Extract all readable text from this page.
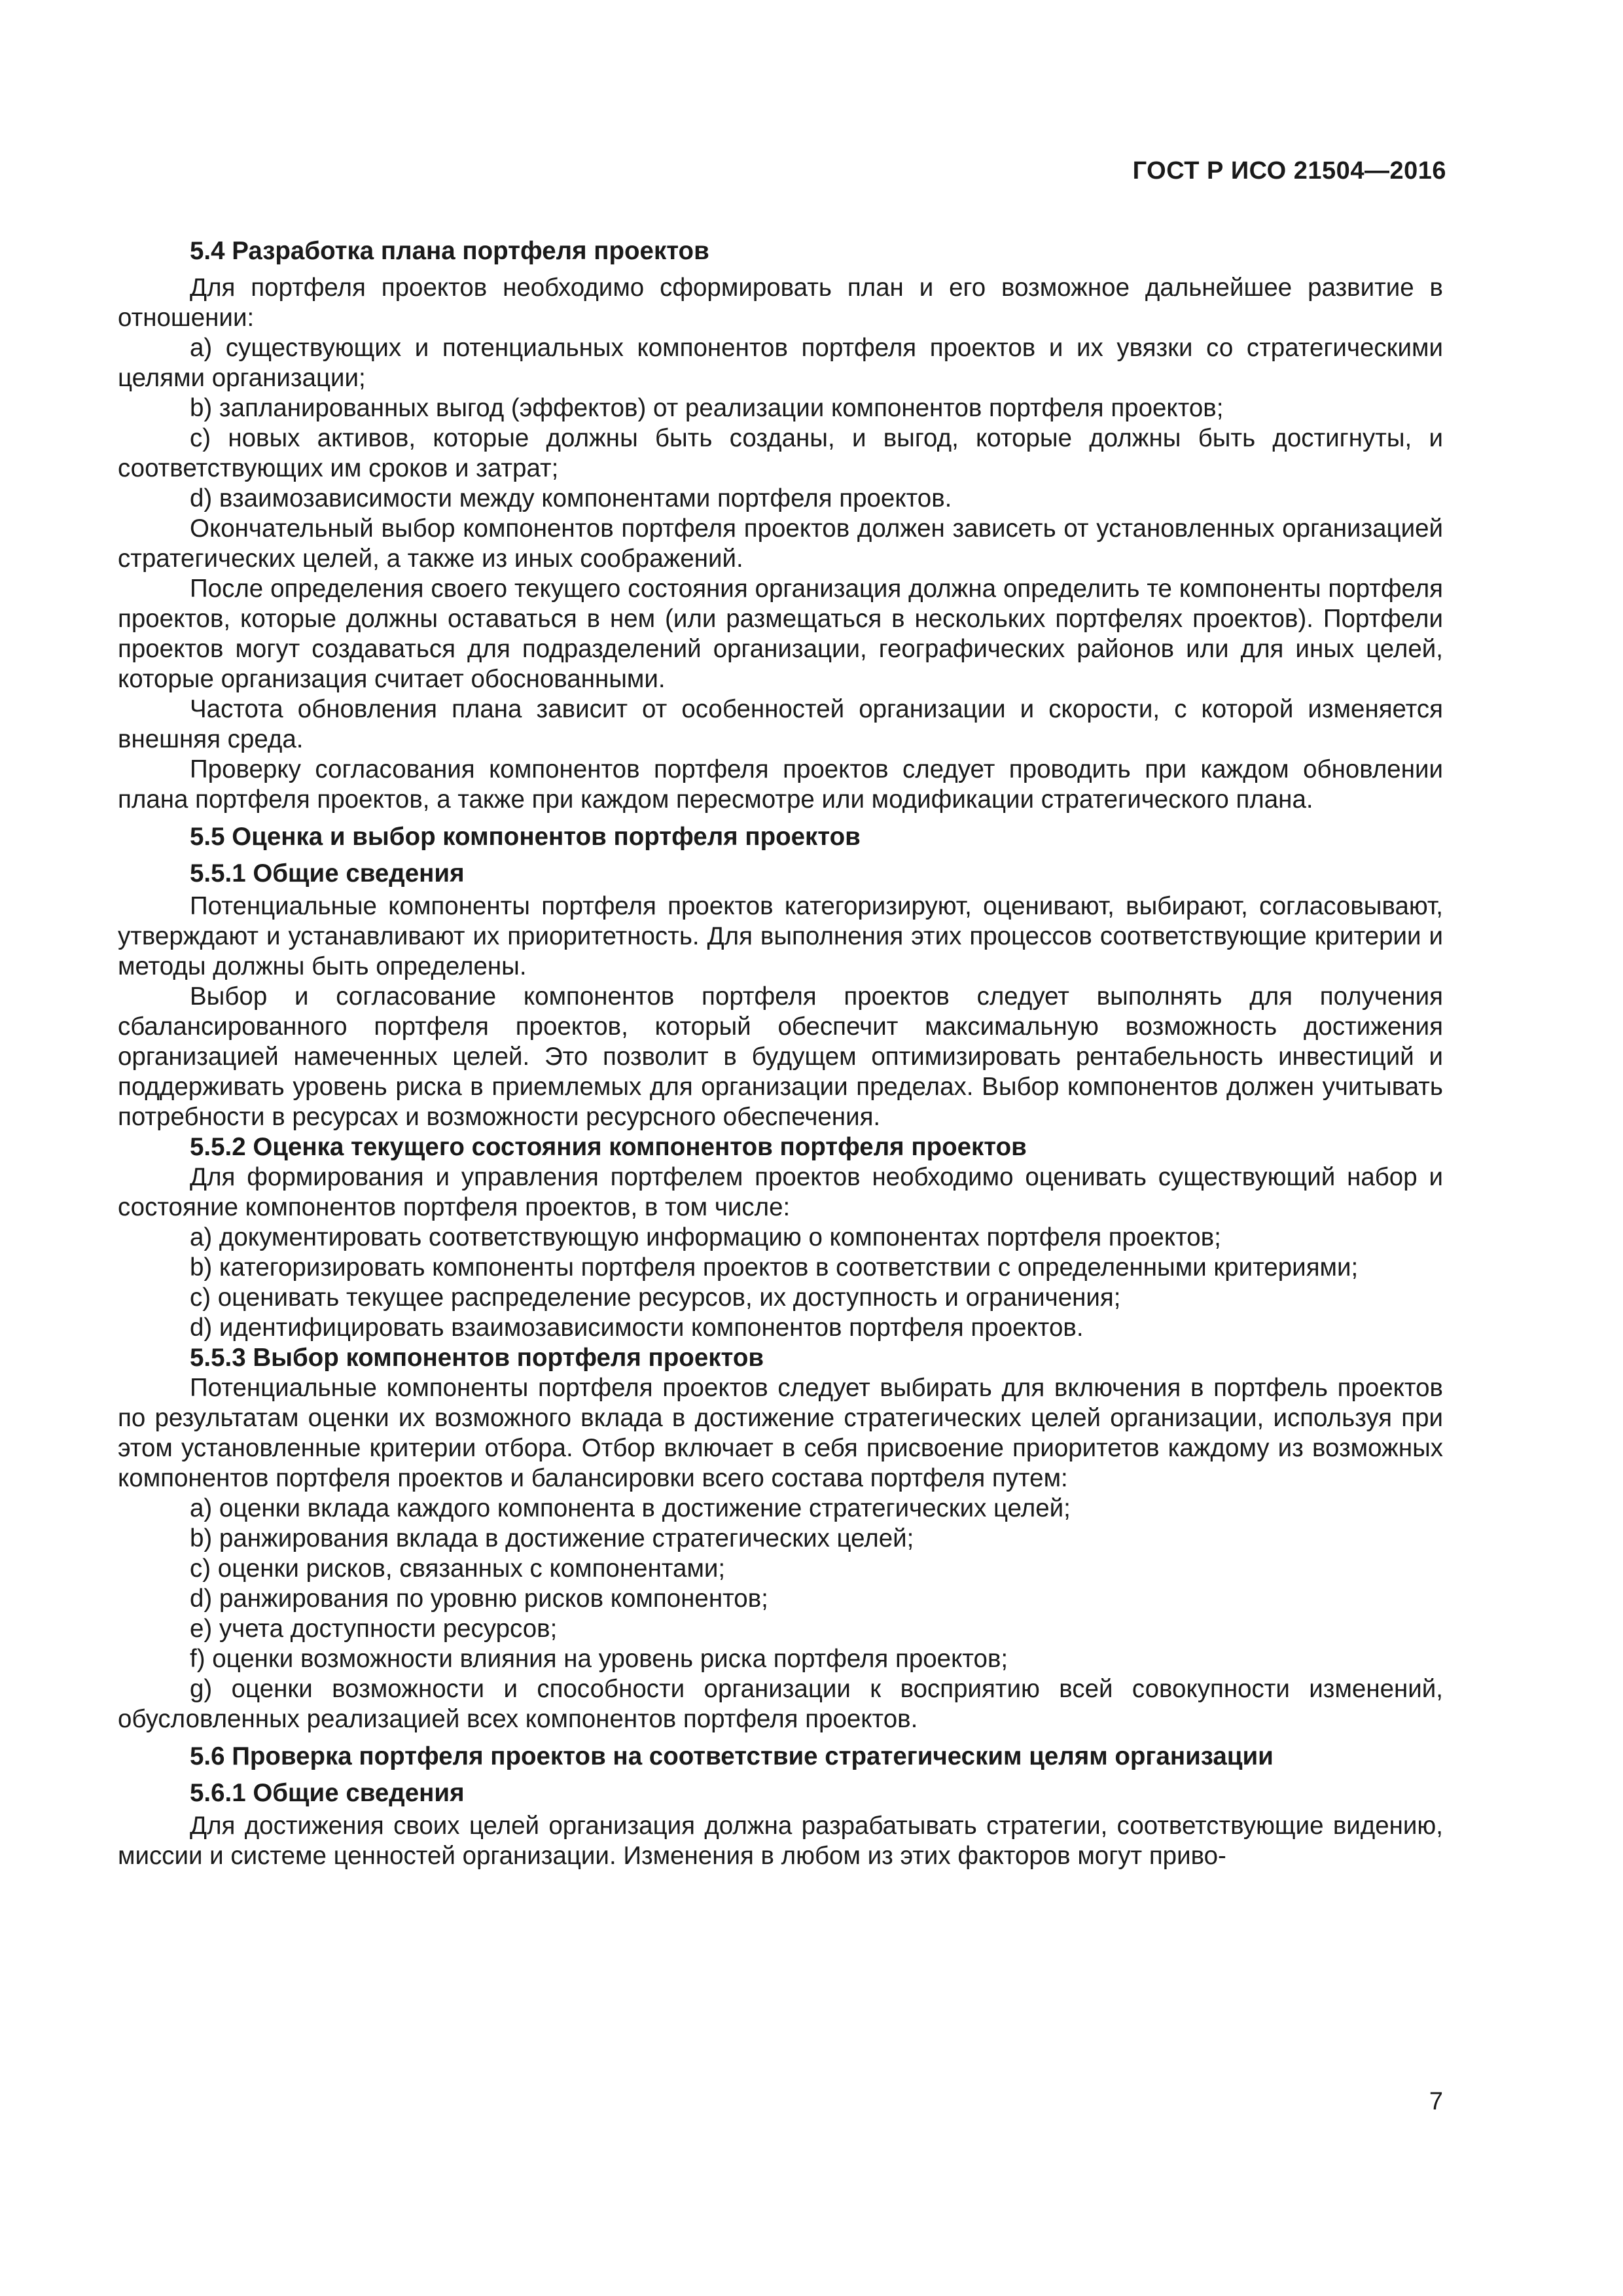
ГОСТ Р ИСО 21504—2016

5.4 Разработка плана портфеля проектов

Для портфеля проектов необходимо сформировать план и его возможное дальнейшее развитие в отношении:

a) существующих и потенциальных компонентов портфеля проектов и их увязки со стратегическими целями организации;

b) запланированных выгод (эффектов) от реализации компонентов портфеля проектов;

c) новых активов, которые должны быть созданы, и выгод, которые должны быть достигнуты, и соответствующих им сроков и затрат;

d) взаимозависимости между компонентами портфеля проектов.

Окончательный выбор компонентов портфеля проектов должен зависеть от установленных организацией стратегических целей, а также из иных соображений.

После определения своего текущего состояния организация должна определить те компоненты портфеля проектов, которые должны оставаться в нем (или размещаться в нескольких портфелях проектов). Портфели проектов могут создаваться для подразделений организации, географических районов или для иных целей, которые организация считает обоснованными.

Частота обновления плана зависит от особенностей организации и скорости, с которой изменяется внешняя среда.

Проверку согласования компонентов портфеля проектов следует проводить при каждом обновлении плана портфеля проектов, а также при каждом пересмотре или модификации стратегического плана.

5.5 Оценка и выбор компонентов портфеля проектов

5.5.1 Общие сведения

Потенциальные компоненты портфеля проектов категоризируют, оценивают, выбирают, согласовывают, утверждают и устанавливают их приоритетность. Для выполнения этих процессов соответствующие критерии и методы должны быть определены.

Выбор и согласование компонентов портфеля проектов следует выполнять для получения сбалансированного портфеля проектов, который обеспечит максимальную возможность достижения организацией намеченных целей. Это позволит в будущем оптимизировать рентабельность инвестиций и поддерживать уровень риска в приемлемых для организации пределах. Выбор компонентов должен учитывать потребности в ресурсах и возможности ресурсного обеспечения.

5.5.2 Оценка текущего состояния компонентов портфеля проектов

Для формирования и управления портфелем проектов необходимо оценивать существующий набор и состояние компонентов портфеля проектов, в том числе:

a) документировать соответствующую информацию о компонентах портфеля проектов;

b) категоризировать компоненты портфеля проектов в соответствии с определенными критериями;

c) оценивать текущее распределение ресурсов, их доступность и ограничения;

d) идентифицировать взаимозависимости компонентов портфеля проектов.

5.5.3 Выбор компонентов портфеля проектов

Потенциальные компоненты портфеля проектов следует выбирать для включения в портфель проектов по результатам оценки их возможного вклада в достижение стратегических целей организации, используя при этом установленные критерии отбора. Отбор включает в себя присвоение приоритетов каждому из возможных компонентов портфеля проектов и балансировки всего состава портфеля путем:

a) оценки вклада каждого компонента в достижение стратегических целей;

b) ранжирования вклада в достижение стратегических целей;

c) оценки рисков, связанных с компонентами;

d) ранжирования по уровню рисков компонентов;

e) учета доступности ресурсов;

f) оценки возможности влияния на уровень риска портфеля проектов;

g) оценки возможности и способности организации к восприятию всей совокупности изменений, обусловленных реализацией всех компонентов портфеля проектов.

5.6 Проверка портфеля проектов на соответствие стратегическим целям организации

5.6.1 Общие сведения

Для достижения своих целей организация должна разрабатывать стратегии, соответствующие видению, миссии и системе ценностей организации. Изменения в любом из этих факторов могут приво-

7
